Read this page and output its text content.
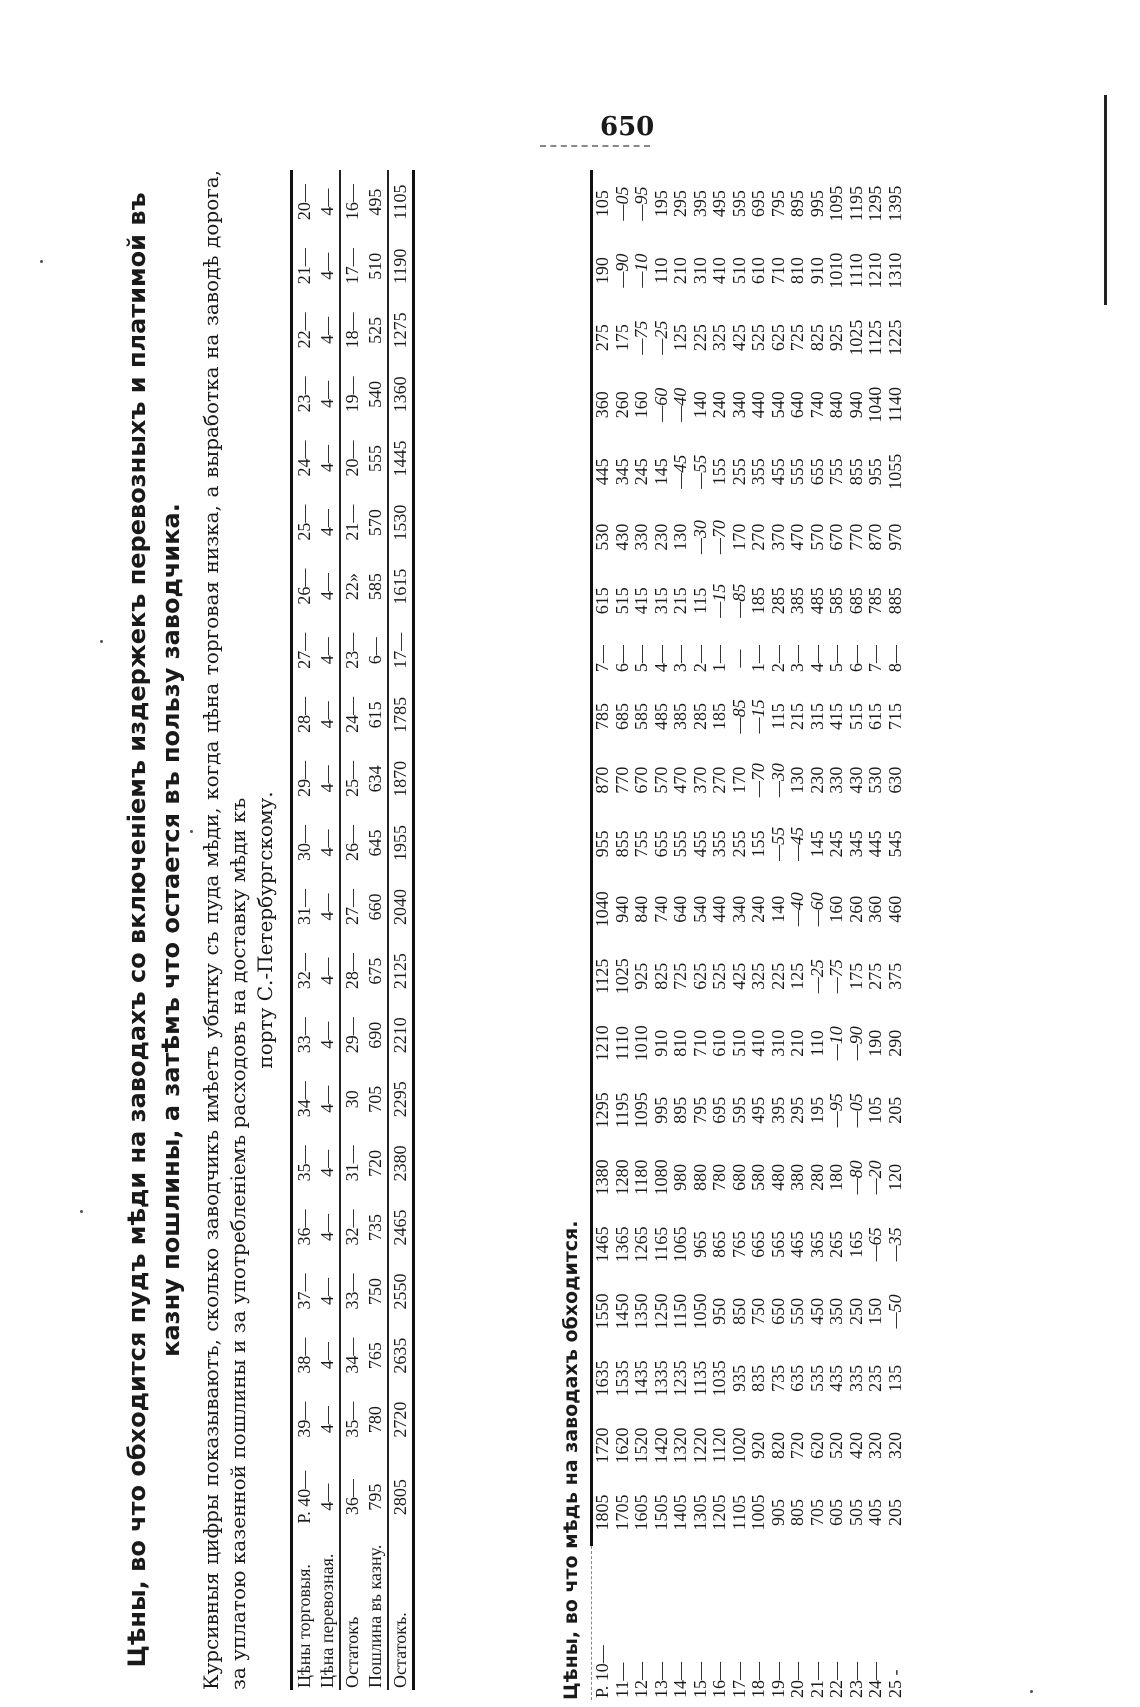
650
Цѣны, во что обходится пудъ мѣди на заводахъ со включеніемъ издержекъ перевозныхъ и платимой въ казну пошлины, а затѣмъ что остается въ пользу заводчика. Курсивныя цифры показываютъ, сколько заводчикъ имѣетъ убытку съ пуда мѣди, когда цѣна торговая низка, а выработка на заводѣ дорога, за уплатою казенной пошлины и за употребленіемъ расходовъ на доставку мѣди къ порту С.-Петербургскому.
Цѣны торговыя.	Р. 40—	39—	38—	37—	36—	35—	34—	33—	32—	31—	30—	29—	28—	27—	26—	25—	24—	23—	22—	21—	20—
Цѣна перевозная.	4—	4—	4—	4—	4—	4—	4—	4—	4—	4—	4—	4—	4—	4—	4—	4—	4—	4—	4—	4—	4—
Остатокъ	36—	35—	34—	33—	32—	31—	30	29—	28—	27—	26—	25—	24—	23—	22»	21—	20—	19—	18—	17—	16—
Пошлина въ казну.	795	780	765	750	735	720	705	690	675	660	645	634	615	6—	585	570	555	540	525	510	495
Остатокъ.	2805	2720	2635	2550	2465	2380	2295	2210	2125	2040	1955	1870	1785	17—	1615	1530	1445	1360	1275	1190	1105
Цѣны, во что мѣдь на заводахъ обходится. Р. 10—	1805	1720	1635	1550	1465	1380	1295	1210	1125	1040	955	870	785	7—	615	530	445	360	275	190	105
11—	1705	1620	1535	1450	1365	1280	1195	1110	1025	940	855	770	685	6—	515	430	345	260	175	—90	—05
12—	1605	1520	1435	1350	1265	1180	1095	1010	925	840	755	670	585	5—	415	330	245	160	—75	—10	—95
13—	1505	1420	1335	1250	1165	1080	995	910	825	740	655	570	485	4—	315	230	145	—60	—25	110	195
14—	1405	1320	1235	1150	1065	980	895	810	725	640	555	470	385	3—	215	130	—45	—40	125	210	295
15—	1305	1220	1135	1050	965	880	795	710	625	540	455	370	285	2—	115	—30	—55	140	225	310	395
16—	1205	1120	1035	950	865	780	695	610	525	440	355	270	185	1—	—15	—70	155	240	325	410	495
17—	1105	1020	935	850	765	680	595	510	425	340	255	170	—85	—	—85	170	255	340	425	510	595
18—	1005	920	835	750	665	580	495	410	325	240	155	—70	—15	1—	185	270	355	440	525	610	695
19—	905	820	735	650	565	480	395	310	225	140	—55	—30	115	2—	285	370	455	540	625	710	795
20—	805	720	635	550	465	380	295	210	125	—40	—45	130	215	3—	385	470	555	640	725	810	895
21—	705	620	535	450	365	280	195	110	—25	—60	145	230	315	4—	485	570	655	740	825	910	995
22—	605	520	435	350	265	180	—95	—10	—75	160	245	330	415	5—	585	670	755	840	925	1010	1095
23—	505	420	335	250	165	—80	—05	—90	175	260	345	430	515	6—	685	770	855	940	1025	1110	1195
24—	405	320	235	150	—65	—20	105	190	275	360	445	530	615	7—	785	870	955	1040	1125	1210	1295
25 -	205	320	135	—50	—35	120	205	290	375	460	545	630	715	8—	885	970	1055	1140	1225	1310	1395
